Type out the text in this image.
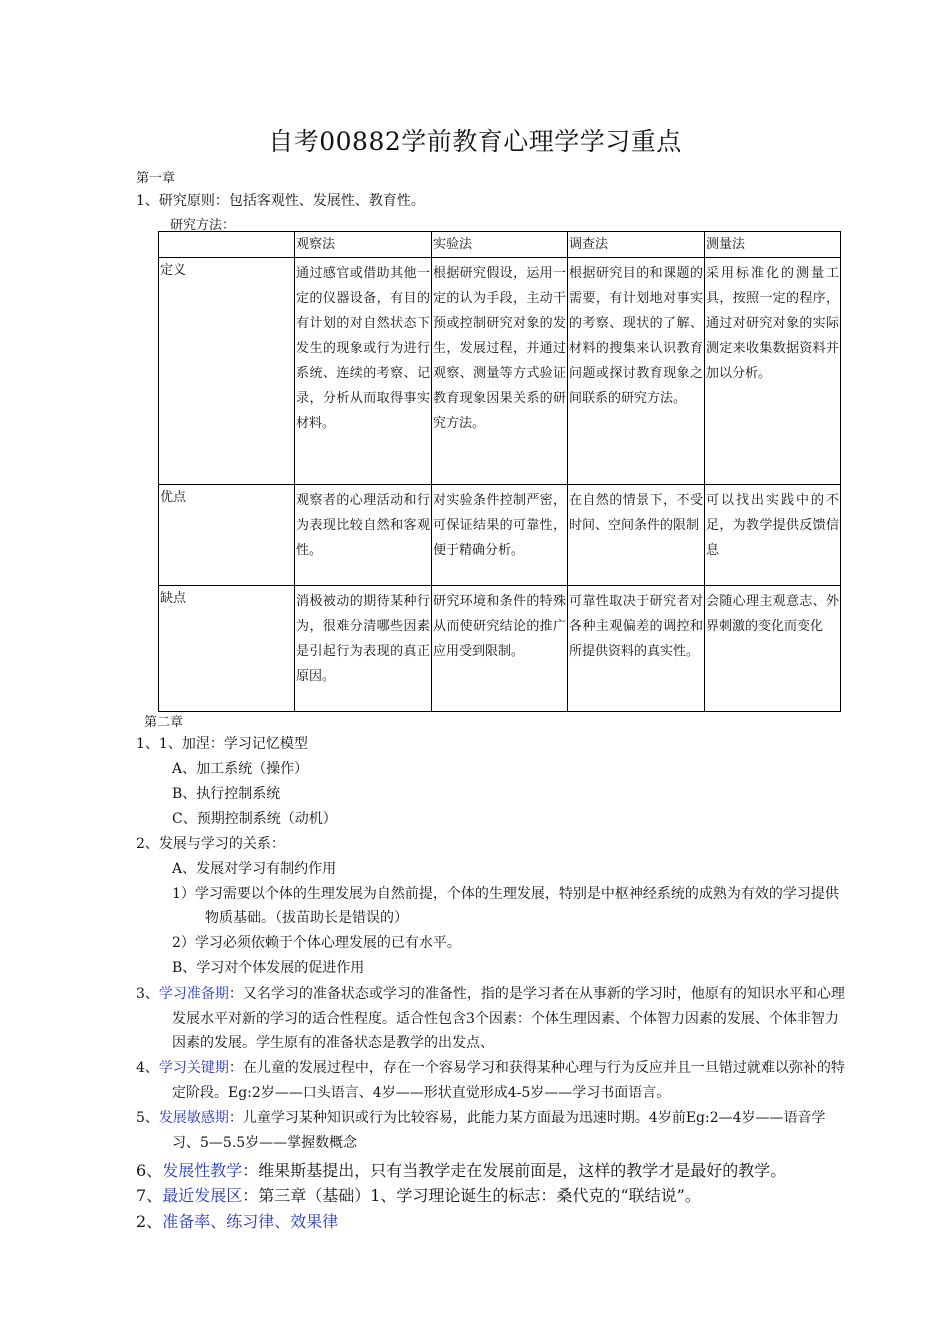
自考00882学前教育心理学学习重点
第一章
1、研究原则：包括客观性、发展性、教育性。
研究方法：
	观察法	实验法	调查法	测量法
定义	通过感官或借助其他一定的仪器设备，有目的有计划的对自然状态下发生的现象或行为进行系统、连续的考察、记录，分析从而取得事实材料。	根据研究假设，运用一定的认为手段，主动干预或控制研究对象的发生，发展过程，并通过观察、测量等方式验证教育现象因果关系的研究方法。	根据研究目的和课题的需要，有计划地对事实的考察、现状的了解、材料的搜集来认识教育问题或探讨教育现象之间联系的研究方法。	采用标准化的测量工具，按照一定的程序，通过对研究对象的实际测定来收集数据资料并加以分析。
优点	观察者的心理活动和行为表现比较自然和客观性。	对实验条件控制严密，可保证结果的可靠性，便于精确分析。	在自然的情景下，不受时间、空间条件的限制	可以找出实践中的不足，为教学提供反馈信息
缺点	消极被动的期待某种行为，很难分清哪些因素是引起行为表现的真正原因。	研究环境和条件的特殊从而使研究结论的推广应用受到限制。	可靠性取决于研究者对各种主观偏差的调控和所提供资料的真实性。	会随心理主观意志、外界刺激的变化而变化
第二章
1、1、加涅：学习记忆模型
A、加工系统（操作）
B、执行控制系统
C、预期控制系统（动机）
2、发展与学习的关系：
A、发展对学习有制约作用
1）学习需要以个体的生理发展为自然前提，个体的生理发展，特别是中枢神经系统的成熟为有效的学习提供
物质基础。（拔苗助长是错误的）
2）学习必须依赖于个体心理发展的已有水平。
B、学习对个体发展的促进作用
3、学习准备期：又名学习的准备状态或学习的准备性，指的是学习者在从事新的学习时，他原有的知识水平和心理
发展水平对新的学习的适合性程度。适合性包含3个因素：个体生理因素、个体智力因素的发展、个体非智力
因素的发展。学生原有的准备状态是教学的出发点、
4、学习关键期：在儿童的发展过程中，存在一个容易学习和获得某种心理与行为反应并且一旦错过就难以弥补的特
定阶段。Eg:2岁——口头语言、4岁——形状直觉形成4-5岁——学习书面语言。
5、发展敏感期：儿童学习某种知识或行为比较容易，此能力某方面最为迅速时期。4岁前Eg:2—4岁——语音学
习、5—5.5岁——掌握数概念
6、发展性教学：维果斯基提出，只有当教学走在发展前面是，这样的教学才是最好的教学。
7、最近发展区：第三章（基础）1、学习理论诞生的标志：桑代克的“联结说”。
2、准备率、练习律、效果律
